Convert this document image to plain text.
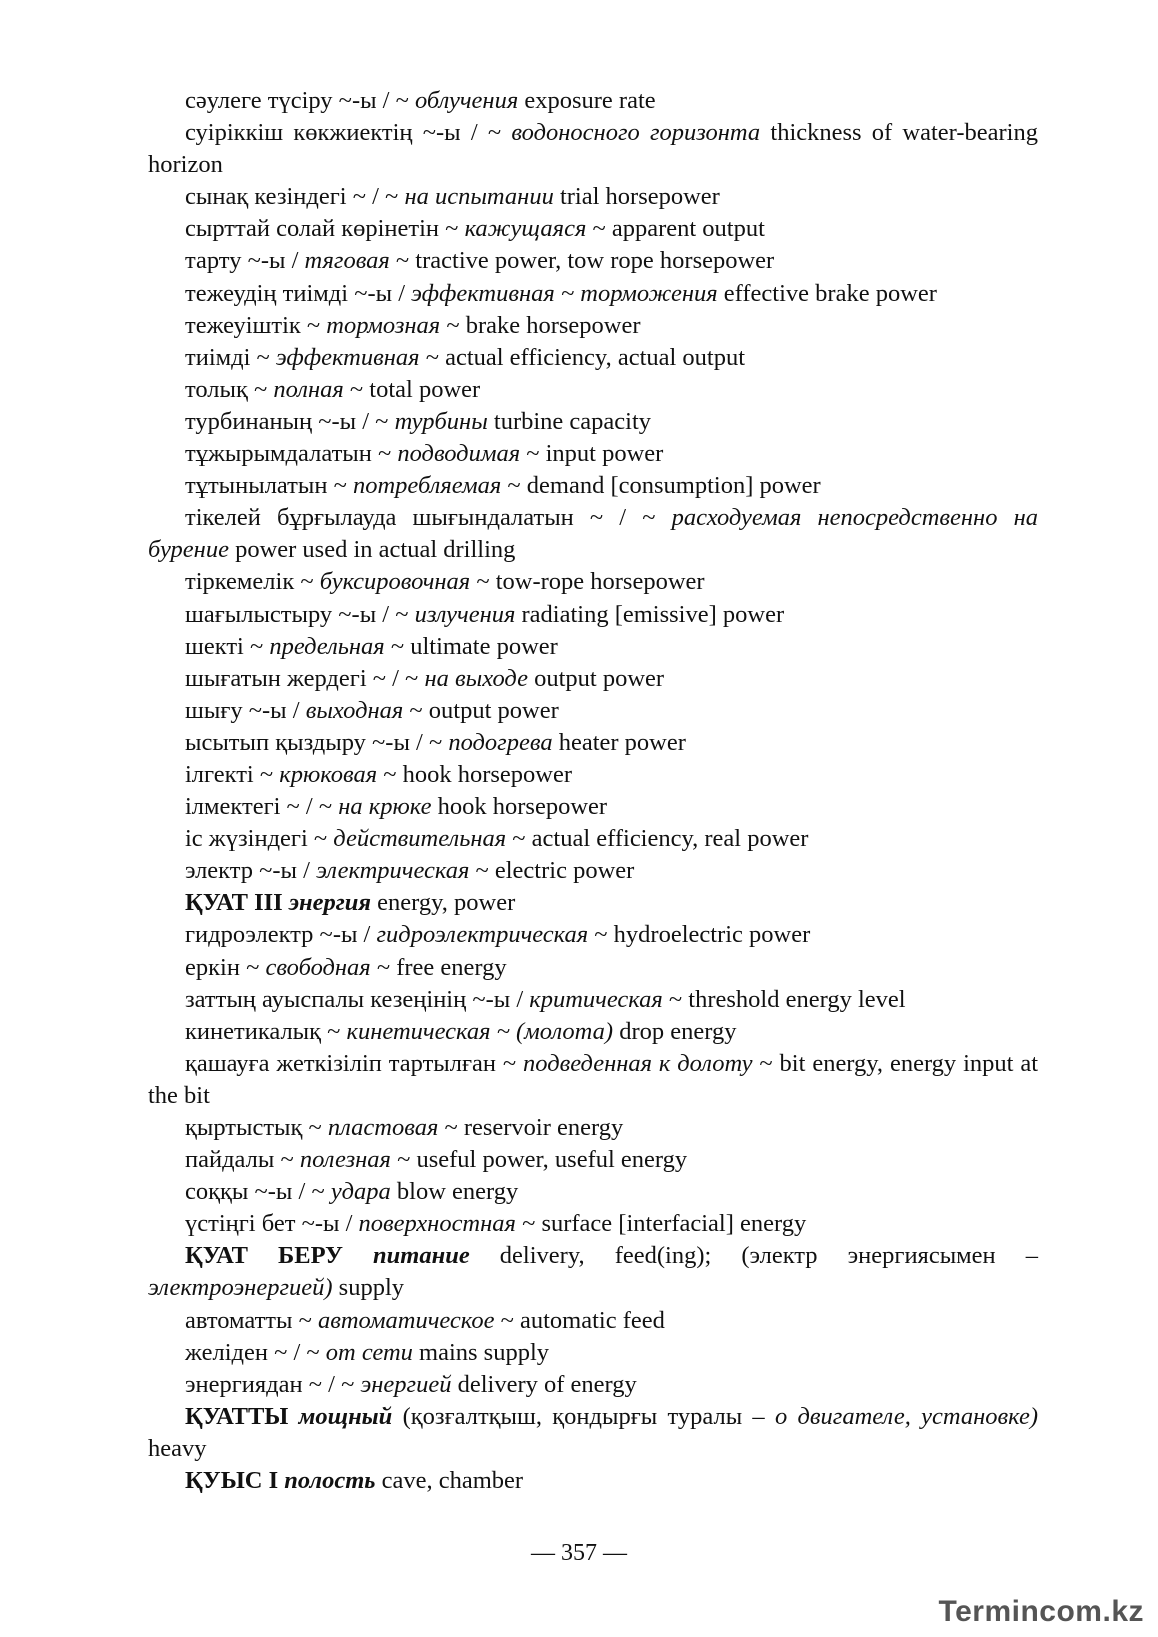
сәулеге түсіру ~-ы / ~ облучения exposure rate

суіріккіш көкжиектің ~-ы / ~ водоносного горизонта thickness of water-bearing horizon

сынақ кезіндегі ~ / ~ на испытании trial horsepower

сырттай солай көрінетін ~ кажущаяся ~ apparent output

тарту ~-ы / тяговая ~ tractive power, tow rope horsepower

тежеудің тиімді ~-ы / эффективная ~ торможения effective brake power

тежеуіштік ~ тормозная ~ brake horsepower

тиімді ~ эффективная ~ actual efficiency, actual output

толық ~ полная ~ total power

турбинаның ~-ы / ~ турбины turbine capacity

тұжырымдалатын ~ подводимая ~ input power

тұтынылатын ~ потребляемая ~ demand [consumption] power

тікелей бұрғылауда шығындалатын ~ / ~ расходуемая непосредственно на бурение power used in actual drilling

тіркемелік ~ буксировочная ~ tow-rope horsepower

шағылыстыру ~-ы / ~ излучения radiating [emissive] power

шекті ~ предельная ~ ultimate power

шығатын жердегі ~ / ~ на выходе output power

шығу ~-ы / выходная ~ output power

ысытып қыздыру ~-ы / ~ подогрева heater power

ілгекті ~ крюковая ~ hook horsepower

ілмектегі ~ / ~ на крюке hook horsepower

іс жүзіндегі ~ действительная ~ actual efficiency, real power

электр ~-ы / электрическая ~ electric power

ҚУАТ III энергия energy, power

гидроэлектр ~-ы / гидроэлектрическая ~ hydroelectric power

еркін ~ свободная ~ free energy

заттың ауыспалы кезеңінің ~-ы / критическая ~ threshold energy level

кинетикалық ~ кинетическая ~ (молота) drop energy

қашауға жеткізіліп тартылған ~ подведенная к долоту ~ bit energy, energy input at the bit

қыртыстық ~ пластовая ~ reservoir energy

пайдалы ~ полезная ~ useful power, useful energy

соққы ~-ы / ~ удара blow energy

үстіңгі бет ~-ы / поверхностная ~ surface [interfacial] energy

ҚУАТ БЕРУ питание delivery, feed(ing); (электр энергиясымен – электроэнергией) supply

автоматты ~ автоматическое ~ automatic feed

желіден ~ / ~ от сети mains supply

энергиядан ~ / ~ энергией delivery of energy

ҚУАТТЫ мощный (қозғалтқыш, қондырғы туралы – о двигателе, установке) heavy

ҚУЫС I полость cave, chamber

— 357 —
Termincom.kz
